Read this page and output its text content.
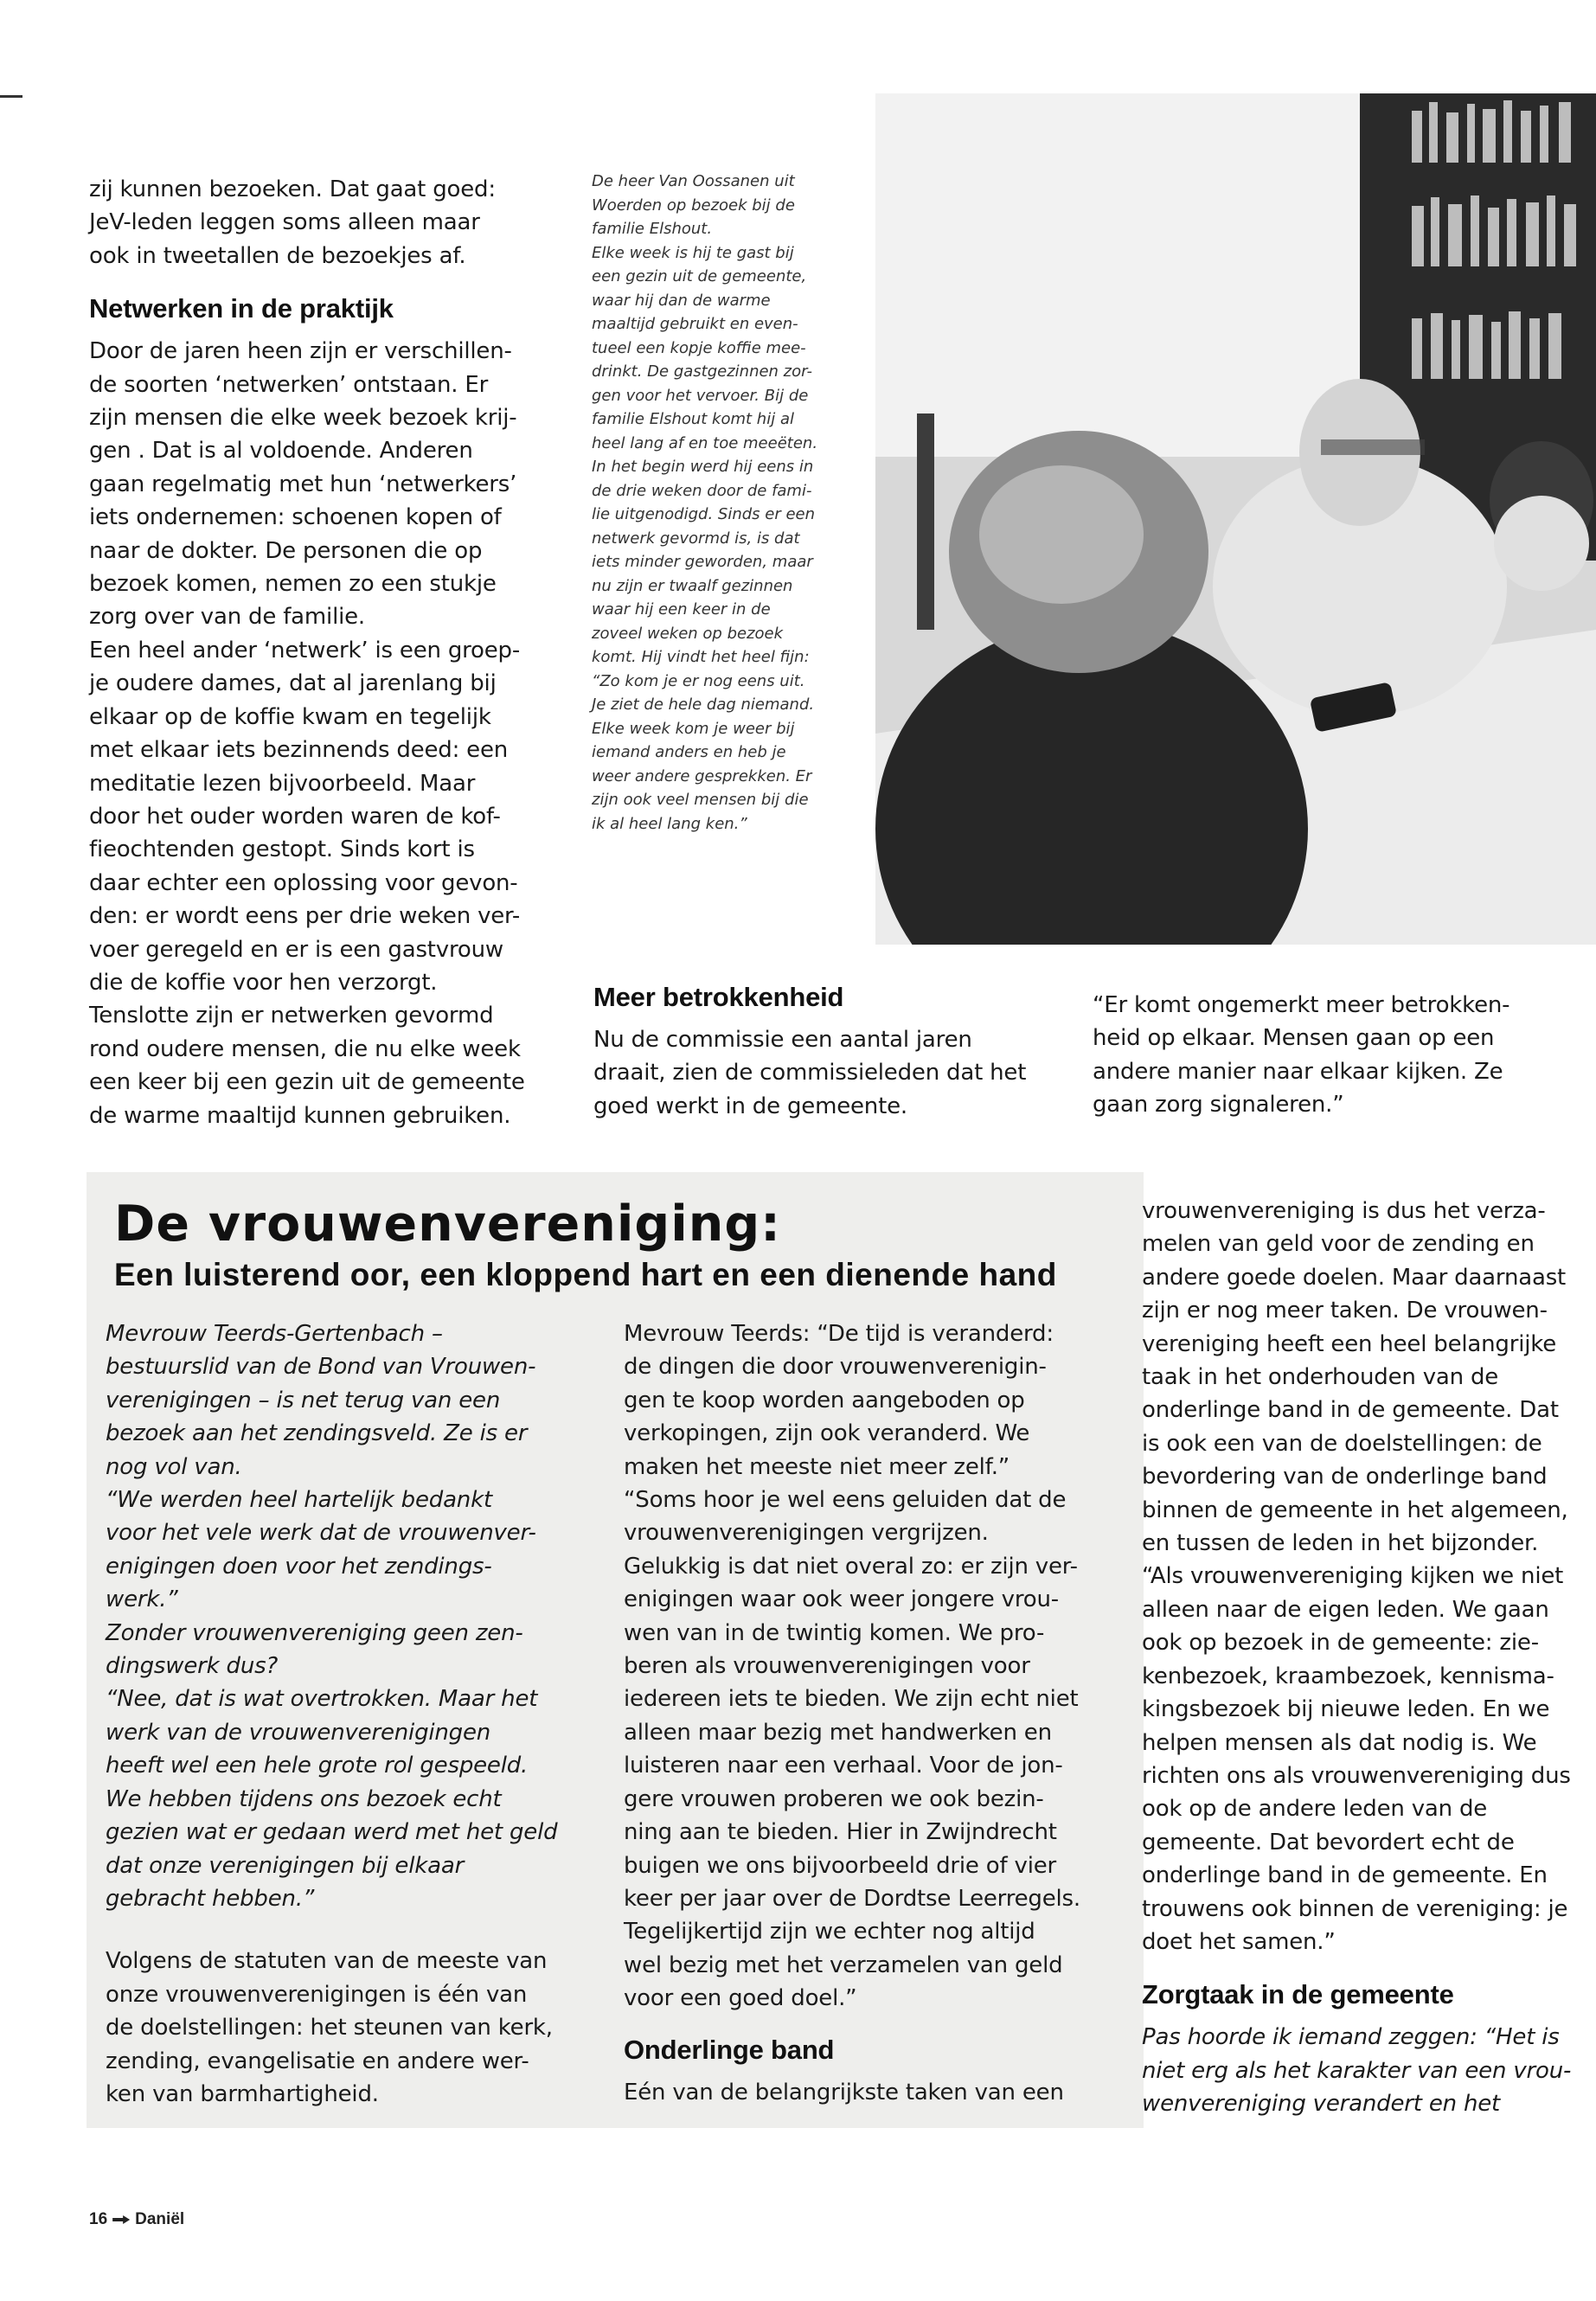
zij kunnen bezoeken. Dat gaat goed:

JeV-leden leggen soms alleen maar

ook in tweetallen de bezoekjes af.

Netwerken in de praktijk

Door de jaren heen zijn er verschillen-

de soorten ‘netwerken’ ontstaan. Er

zijn mensen die elke week bezoek krij-

gen . Dat is al voldoende. Anderen

gaan regelmatig met hun ‘netwerkers’

iets ondernemen: schoenen kopen of

naar de dokter. De personen die op

bezoek komen, nemen zo een stukje

zorg over van de familie.

Een heel ander ‘netwerk’ is een groep-

je oudere dames, dat al jarenlang bij

elkaar op de koffie kwam en tegelijk

met elkaar iets bezinnends deed: een

meditatie lezen bijvoorbeeld. Maar

door het ouder worden waren de kof-

fieochtenden gestopt. Sinds kort is

daar echter een oplossing voor gevon-

den: er wordt eens per drie weken ver-

voer geregeld en er is een gastvrouw

die de koffie voor hen verzorgt.

Tenslotte zijn er netwerken gevormd

rond oudere mensen, die nu elke week

een keer bij een gezin uit de gemeente

de warme maaltijd kunnen gebruiken.

De heer Van Oossanen uit

Woerden op bezoek bij de

familie Elshout.

Elke week is hij te gast bij

een gezin uit de gemeente,

waar hij dan de warme

maaltijd gebruikt en even-

tueel een kopje koffie mee-

drinkt. De gastgezinnen zor-

gen voor het vervoer. Bij de

familie Elshout komt hij al

heel lang af en toe meeëten.

In het begin werd hij eens in

de drie weken door de fami-

lie uitgenodigd. Sinds er een

netwerk gevormd is, is dat

iets minder geworden, maar

nu zijn er twaalf gezinnen

waar hij een keer in de

zoveel weken op bezoek

komt. Hij vindt het heel fijn:

“Zo kom je er nog eens uit.

Je ziet de hele dag niemand.

Elke week kom je weer bij

iemand anders en heb je

weer andere gesprekken. Er

zijn ook veel mensen bij die

ik al heel lang ken.”

Meer betrokkenheid

Nu de commissie een aantal jaren

draait, zien de commissieleden dat het

goed werkt in de gemeente.

“Er komt ongemerkt meer betrokken-

heid op elkaar. Mensen gaan op een

andere manier naar elkaar kijken. Ze

gaan zorg signaleren.”

De vrouwenvereniging:
Een luisterend oor, een kloppend hart en een dienende hand

Mevrouw Teerds-Gertenbach –

bestuurslid van de Bond van Vrouwen-

verenigingen – is net terug van een

bezoek aan het zendingsveld. Ze is er

nog vol van.

“We werden heel hartelijk bedankt

voor het vele werk dat de vrouwenver-

enigingen doen voor het zendings-

werk.”

Zonder vrouwenvereniging geen zen-

dingswerk dus?

“Nee, dat is wat overtrokken. Maar het

werk van de vrouwenverenigingen

heeft wel een hele grote rol gespeeld.

We hebben tijdens ons bezoek echt

gezien wat er gedaan werd met het geld

dat onze verenigingen bij elkaar

gebracht hebben.”

Volgens de statuten van de meeste van

onze vrouwenverenigingen is één van

de doelstellingen: het steunen van kerk,

zending, evangelisatie en andere wer-

ken van barmhartigheid.

Mevrouw Teerds: “De tijd is veranderd:

de dingen die door vrouwenverenigin-

gen te koop worden aangeboden op

verkopingen, zijn ook veranderd. We

maken het meeste niet meer zelf.”

“Soms hoor je wel eens geluiden dat de

vrouwenverenigingen vergrijzen.

Gelukkig is dat niet overal zo: er zijn ver-

enigingen waar ook weer jongere vrou-

wen van in de twintig komen. We pro-

beren als vrouwenverenigingen voor

iedereen iets te bieden. We zijn echt niet

alleen maar bezig met handwerken en

luisteren naar een verhaal. Voor de jon-

gere vrouwen proberen we ook bezin-

ning aan te bieden. Hier in Zwijndrecht

buigen we ons bijvoorbeeld drie of vier

keer per jaar over de Dordtse Leerregels.

Tegelijkertijd zijn we echter nog altijd

wel bezig met het verzamelen van geld

voor een goed doel.”

Onderlinge band

Eén van de belangrijkste taken van een

vrouwenvereniging is dus het verza-

melen van geld voor de zending en

andere goede doelen. Maar daarnaast

zijn er nog meer taken. De vrouwen-

vereniging heeft een heel belangrijke

taak in het onderhouden van de

onderlinge band in de gemeente. Dat

is ook een van de doelstellingen: de

bevordering van de onderlinge band

binnen de gemeente in het algemeen,

en tussen de leden in het bijzonder.

“Als vrouwenvereniging kijken we niet

alleen naar de eigen leden. We gaan

ook op bezoek in de gemeente: zie-

kenbezoek, kraambezoek, kennisma-

kingsbezoek bij nieuwe leden. En we

helpen mensen als dat nodig is. We

richten ons als vrouwenvereniging dus

ook op de andere leden van de

gemeente. Dat bevordert echt de

onderlinge band in de gemeente. En

trouwens ook binnen de vereniging: je

doet het samen.”

Zorgtaak in de gemeente

Pas hoorde ik iemand zeggen: “Het is

niet erg als het karakter van een vrou-

wenvereniging verandert en het

16 Daniël
